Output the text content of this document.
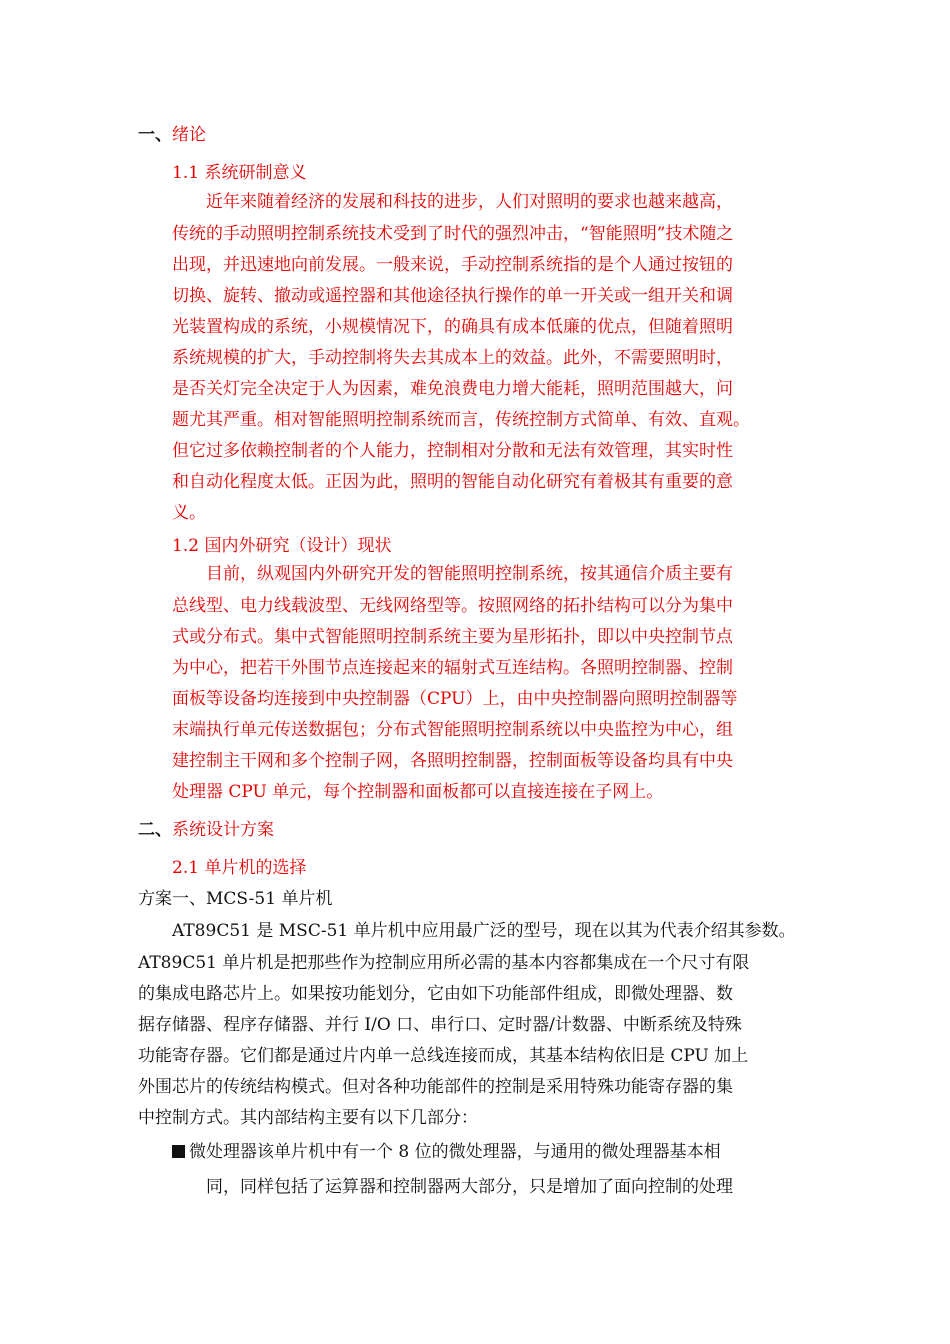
一、绪论
1.1 系统研制意义
近年来随着经济的发展和科技的进步，人们对照明的要求也越来越高，
传统的手动照明控制系统技术受到了时代的强烈冲击，“智能照明”技术随之
出现，并迅速地向前发展。一般来说，手动控制系统指的是个人通过按钮的
切换、旋转、撤动或遥控器和其他途径执行操作的单一开关或一组开关和调
光装置构成的系统，小规模情况下，的确具有成本低廉的优点，但随着照明
系统规模的扩大，手动控制将失去其成本上的效益。此外，不需要照明时，
是否关灯完全决定于人为因素，难免浪费电力增大能耗，照明范围越大，问
题尤其严重。相对智能照明控制系统而言，传统控制方式简单、有效、直观。
但它过多依赖控制者的个人能力，控制相对分散和无法有效管理，其实时性
和自动化程度太低。正因为此，照明的智能自动化研究有着极其有重要的意
义。
1.2 国内外研究（设计）现状
目前，纵观国内外研究开发的智能照明控制系统，按其通信介质主要有
总线型、电力线载波型、无线网络型等。按照网络的拓扑结构可以分为集中
式或分布式。集中式智能照明控制系统主要为星形拓扑，即以中央控制节点
为中心，把若干外围节点连接起来的辐射式互连结构。各照明控制器、控制
面板等设备均连接到中央控制器（CPU）上，由中央控制器向照明控制器等
末端执行单元传送数据包；分布式智能照明控制系统以中央监控为中心，组
建控制主干网和多个控制子网，各照明控制器，控制面板等设备均具有中央
处理器 CPU 单元，每个控制器和面板都可以直接连接在子网上。
二、系统设计方案
2.1 单片机的选择
方案一、MCS-51 单片机
AT89C51 是 MSC-51 单片机中应用最广泛的型号，现在以其为代表介绍其参数。
AT89C51 单片机是把那些作为控制应用所必需的基本内容都集成在一个尺寸有限
的集成电路芯片上。如果按功能划分，它由如下功能部件组成，即微处理器、数
据存储器、程序存储器、并行 I/O 口、串行口、定时器/计数器、中断系统及特殊
功能寄存器。它们都是通过片内单一总线连接而成，其基本结构依旧是 CPU 加上
外围芯片的传统结构模式。但对各种功能部件的控制是采用特殊功能寄存器的集
中控制方式。其内部结构主要有以下几部分：
微处理器该单片机中有一个 8 位的微处理器，与通用的微处理器基本相
同，同样包括了运算器和控制器两大部分，只是增加了面向控制的处理
